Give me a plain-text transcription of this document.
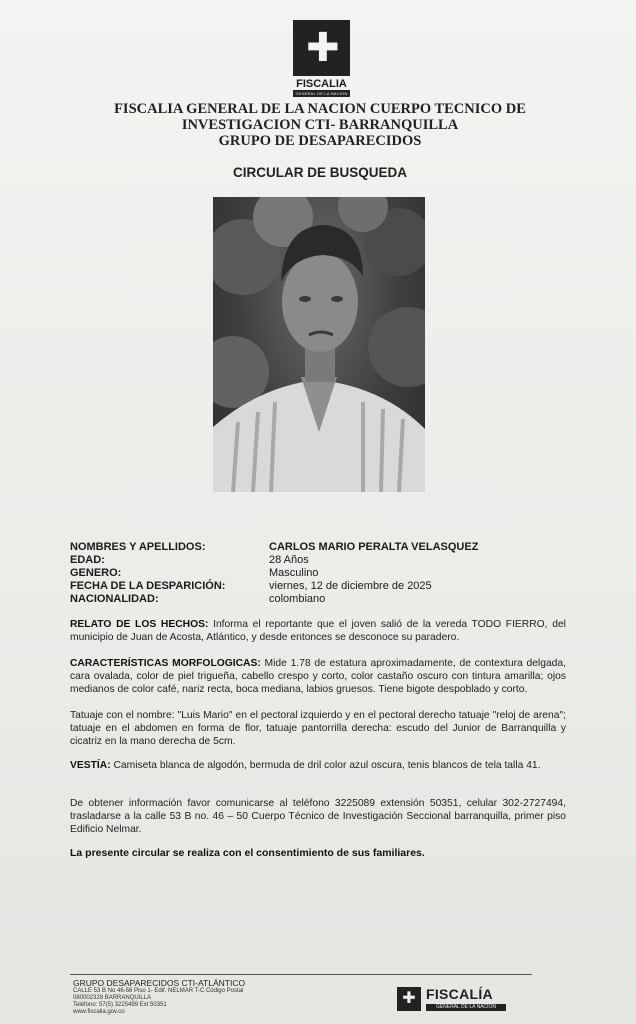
✚
FISCALIA
GENERAL DE LA NACION
FISCALIA GENERAL DE LA NACION CUERPO TECNICO DE
INVESTIGACION CTI- BARRANQUILLA
GRUPO DE DESAPARECIDOS
CIRCULAR DE BUSQUEDA
NOMBRES Y APELLIDOS:	CARLOS MARIO PERALTA VELASQUEZ
EDAD:	28 Años
GENERO:	Masculino
FECHA DE LA DESPARICIÓN:	viernes, 12 de diciembre de 2025
NACIONALIDAD:	colombiano
RELATO DE LOS HECHOS: Informa el reportante que el joven salió de la vereda TODO FIERRO, del municipio de Juan de Acosta, Atlántico, y desde entonces se desconoce su paradero.
CARACTERÍSTICAS MORFOLOGICAS: Mide 1.78 de estatura aproximadamente, de contextura delgada, cara ovalada, color de piel trigueña, cabello crespo y corto, color castaño oscuro con tintura amarilla; ojos medianos de color café, nariz recta, boca mediana, labios gruesos. Tiene bigote despoblado y corto.
Tatuaje con el nombre: "Luis Mario" en el pectoral izquierdo y en el pectoral derecho tatuaje "reloj de arena"; tatuaje en el abdomen en forma de flor, tatuaje pantorrilla derecha: escudo del Junior de Barranquilla y cicatriz en la mano derecha de 5cm.
VESTÍA: Camiseta blanca de algodón, bermuda de dril color azul oscura, tenis blancos de tela talla 41.
De obtener información favor comunicarse al teléfono 3225089 extensión 50351, celular 302-2727494, trasladarse a la calle 53 B no. 46 – 50 Cuerpo Técnico de Investigación Seccional barranquilla, primer piso Edificio Nelmar.
La presente circular se realiza con el consentimiento de sus familiares.
GRUPO DESAPARECIDOS CTI-ATLÁNTICO
CALLE 53 B No 46-56 Piso 1- Edif. NELMAR T-C Código Postal
080002328 BARRANQUILLA
Teléfono: 57(5) 3225499 Ext 50351
www.fiscalia.gov.co
✚ FISCALÍA
GENERAL DE LA NACIÓN
